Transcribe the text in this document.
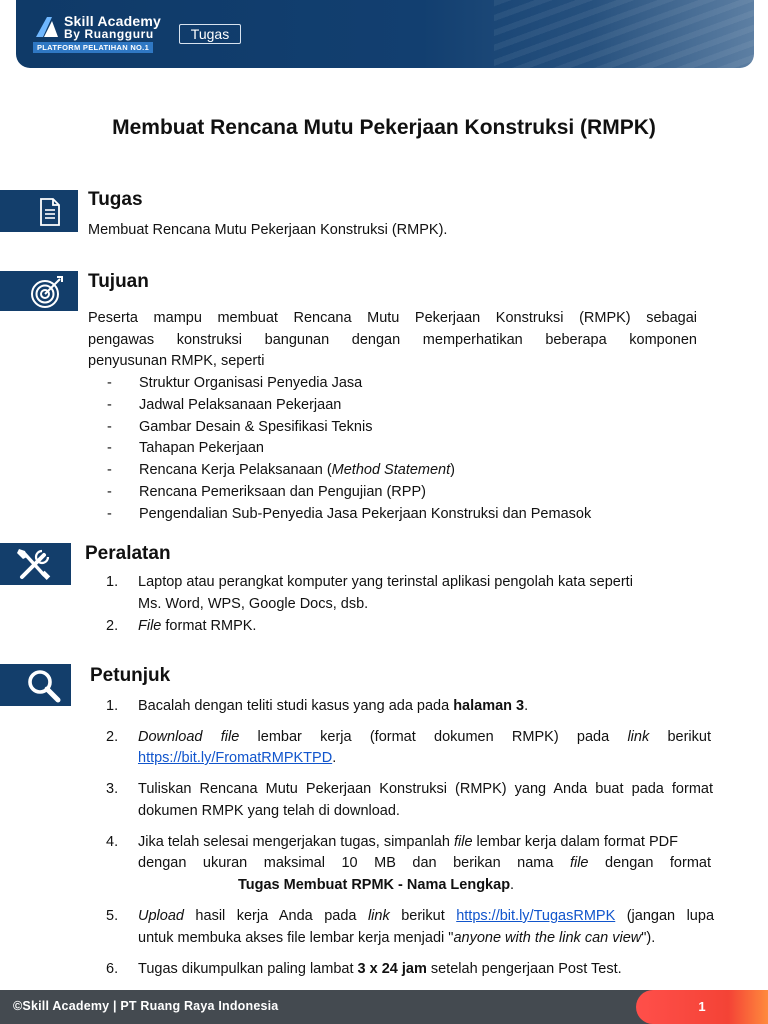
Skill Academy
By Ruangguru
PLATFORM PELATIHAN NO.1
Tugas
Membuat Rencana Mutu Pekerjaan Konstruksi (RMPK)
Tugas
Membuat Rencana Mutu Pekerjaan Konstruksi (RMPK).
Tujuan
Peserta mampu membuat Rencana Mutu Pekerjaan Konstruksi (RMPK) sebagai
pengawas konstruksi bangunan dengan memperhatikan beberapa komponen
penyusunan RMPK, seperti
- Struktur Organisasi Penyedia Jasa
- Jadwal Pelaksanaan Pekerjaan
- Gambar Desain & Spesifikasi Teknis
- Tahapan Pekerjaan
- Rencana Kerja Pelaksanaan (Method Statement)
- Rencana Pemeriksaan dan Pengujian (RPP)
- Pengendalian Sub-Penyedia Jasa Pekerjaan Konstruksi dan Pemasok
Peralatan
1. Laptop atau perangkat komputer yang terinstal aplikasi pengolah kata seperti
Ms. Word, WPS, Google Docs, dsb.
2. File format RMPK.
Petunjuk
1. Bacalah dengan teliti studi kasus yang ada pada halaman 3.
2. Download file lembar kerja (format dokumen RMPK) pada link berikut
https://bit.ly/FromatRMPKTPD.
3. Tuliskan Rencana Mutu Pekerjaan Konstruksi (RMPK) yang Anda buat pada format
dokumen RMPK yang telah di download.
4. Jika telah selesai mengerjakan tugas, simpanlah file lembar kerja dalam format PDF
dengan ukuran maksimal 10 MB dan berikan nama file dengan format
Tugas Membuat RPMK - Nama Lengkap.
5. Upload hasil kerja Anda pada link berikut https://bit.ly/TugasRMPK (jangan lupa
untuk membuka akses file lembar kerja menjadi "anyone with the link can view").
6. Tugas dikumpulkan paling lambat 3 x 24 jam setelah pengerjaan Post Test.
©Skill Academy | PT Ruang Raya Indonesia	1
